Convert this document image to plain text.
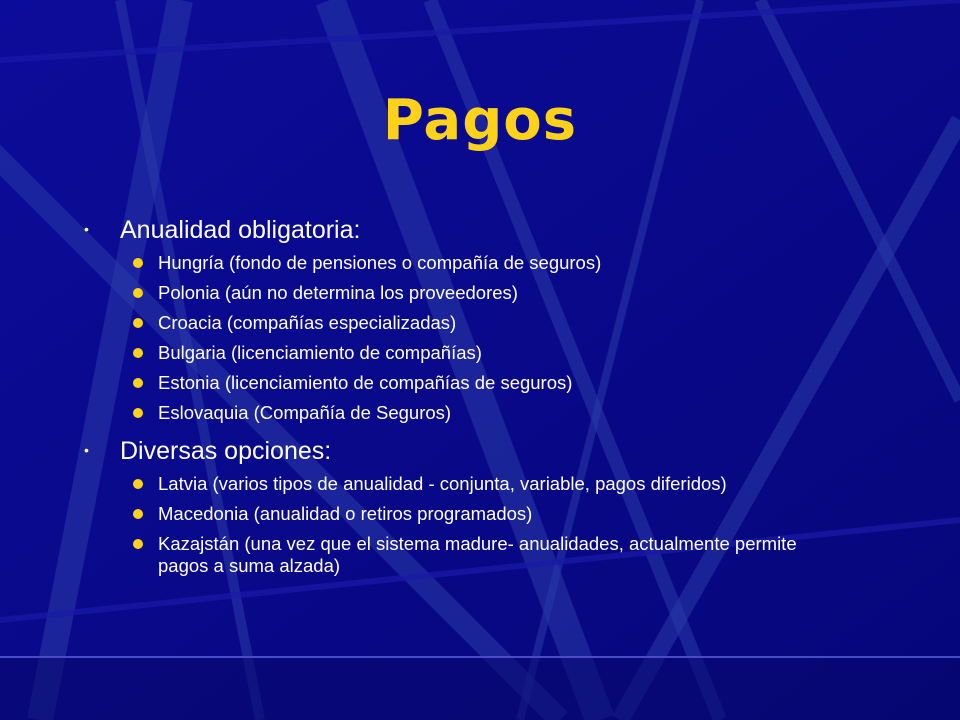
Pagos
•	Anualidad obligatoria:
Hungría (fondo de pensiones o compañía de seguros)
Polonia (aún no determina los proveedores)
Croacia (compañías especializadas)
Bulgaria (licenciamiento de compañías)
Estonia (licenciamiento de compañías de seguros)
Eslovaquia (Compañía de Seguros)
•	Diversas opciones:
Latvia (varios tipos de anualidad - conjunta, variable, pagos diferidos)
Macedonia (anualidad o retiros programados)
Kazajstán (una vez que el sistema madure- anualidades, actualmente permite pagos a suma alzada)
